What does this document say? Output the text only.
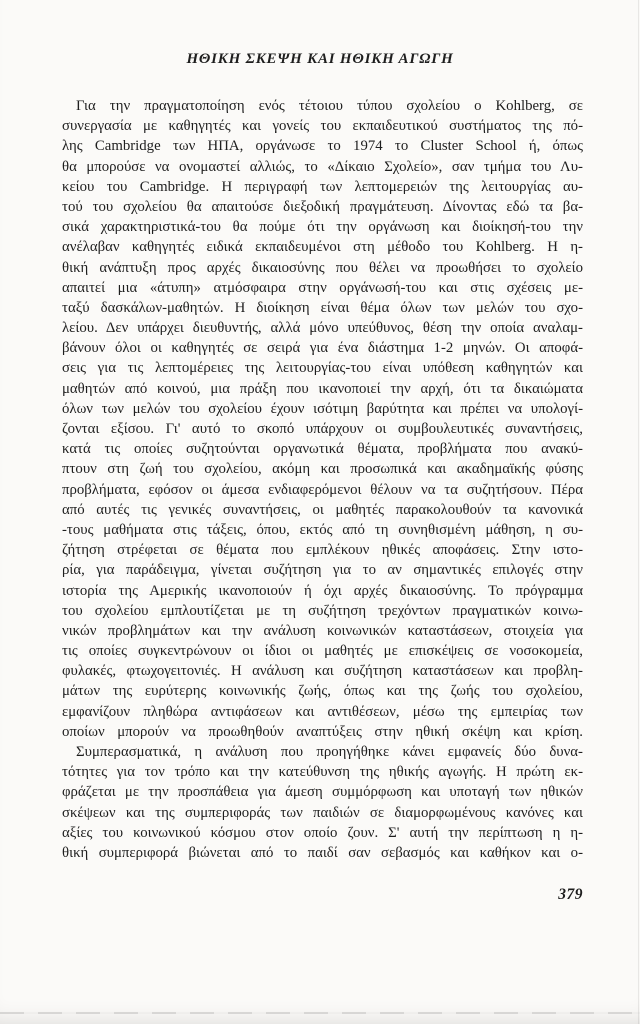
ΗΘΙΚΗ ΣΚΕΨΗ ΚΑΙ ΗΘΙΚΗ ΑΓΩΓΗ
Για την πραγματοποίηση ενός τέτοιου τύπου σχολείου ο Kohlberg, σε
συνεργασία με καθηγητές και γονείς του εκπαιδευτικού συστήματος της πό-
λης Cambridge των ΗΠΑ, οργάνωσε το 1974 το Cluster School ή, όπως
θα μπορούσε να ονομαστεί αλλιώς, το «Δίκαιο Σχολείο», σαν τμήμα του Λυ-
κείου του Cambridge. Η περιγραφή των λεπτομερειών της λειτουργίας αυ-
τού του σχολείου θα απαιτούσε διεξοδική πραγμάτευση. Δίνοντας εδώ τα βα-
σικά χαρακτηριστικά-του θα πούμε ότι την οργάνωση και διοίκησή-του την
ανέλαβαν καθηγητές ειδικά εκπαιδευμένοι στη μέθοδο του Kohlberg. Η η-
θική ανάπτυξη προς αρχές δικαιοσύνης που θέλει να προωθήσει το σχολείο
απαιτεί μια «άτυπη» ατμόσφαιρα στην οργάνωσή-του και στις σχέσεις με-
ταξύ δασκάλων-μαθητών. Η διοίκηση είναι θέμα όλων των μελών του σχο-
λείου. Δεν υπάρχει διευθυντής, αλλά μόνο υπεύθυνος, θέση την οποία αναλαμ-
βάνουν όλοι οι καθηγητές σε σειρά για ένα διάστημα 1-2 μηνών. Οι αποφά-
σεις για τις λεπτομέρειες της λειτουργίας-του είναι υπόθεση καθηγητών και
μαθητών από κοινού, μια πράξη που ικανοποιεί την αρχή, ότι τα δικαιώματα
όλων των μελών του σχολείου έχουν ισότιμη βαρύτητα και πρέπει να υπολογί-
ζονται εξίσου. Γι' αυτό το σκοπό υπάρχουν οι συμβουλευτικές συναντήσεις,
κατά τις οποίες συζητούνται οργανωτικά θέματα, προβλήματα που ανακύ-
πτουν στη ζωή του σχολείου, ακόμη και προσωπικά και ακαδημαϊκής φύσης
προβλήματα, εφόσον οι άμεσα ενδιαφερόμενοι θέλουν να τα συζητήσουν. Πέρα
από αυτές τις γενικές συναντήσεις, οι μαθητές παρακολουθούν τα κανονικά
-τους μαθήματα στις τάξεις, όπου, εκτός από τη συνηθισμένη μάθηση, η συ-
ζήτηση στρέφεται σε θέματα που εμπλέκουν ηθικές αποφάσεις. Στην ιστο-
ρία, για παράδειγμα, γίνεται συζήτηση για το αν σημαντικές επιλογές στην
ιστορία της Αμερικής ικανοποιούν ή όχι αρχές δικαιοσύνης. Το πρόγραμμα
του σχολείου εμπλουτίζεται με τη συζήτηση τρεχόντων πραγματικών κοινω-
νικών προβλημάτων και την ανάλυση κοινωνικών καταστάσεων, στοιχεία για
τις οποίες συγκεντρώνουν οι ίδιοι οι μαθητές με επισκέψεις σε νοσοκομεία,
φυλακές, φτωχογειτονιές. Η ανάλυση και συζήτηση καταστάσεων και προβλη-
μάτων της ευρύτερης κοινωνικής ζωής, όπως και της ζωής του σχολείου,
εμφανίζουν πληθώρα αντιφάσεων και αντιθέσεων, μέσω της εμπειρίας των
οποίων μπορούν να προωθηθούν αναπτύξεις στην ηθική σκέψη και κρίση.
Συμπερασματικά, η ανάλυση που προηγήθηκε κάνει εμφανείς δύο δυνα-
τότητες για τον τρόπο και την κατεύθυνση της ηθικής αγωγής. Η πρώτη εκ-
φράζεται με την προσπάθεια για άμεση συμμόρφωση και υποταγή των ηθικών
σκέψεων και της συμπεριφοράς των παιδιών σε διαμορφωμένους κανόνες και
αξίες του κοινωνικού κόσμου στον οποίο ζουν. Σ' αυτή την περίπτωση η η-
θική συμπεριφορά βιώνεται από το παιδί σαν σεβασμός και καθήκον και ο-
379
